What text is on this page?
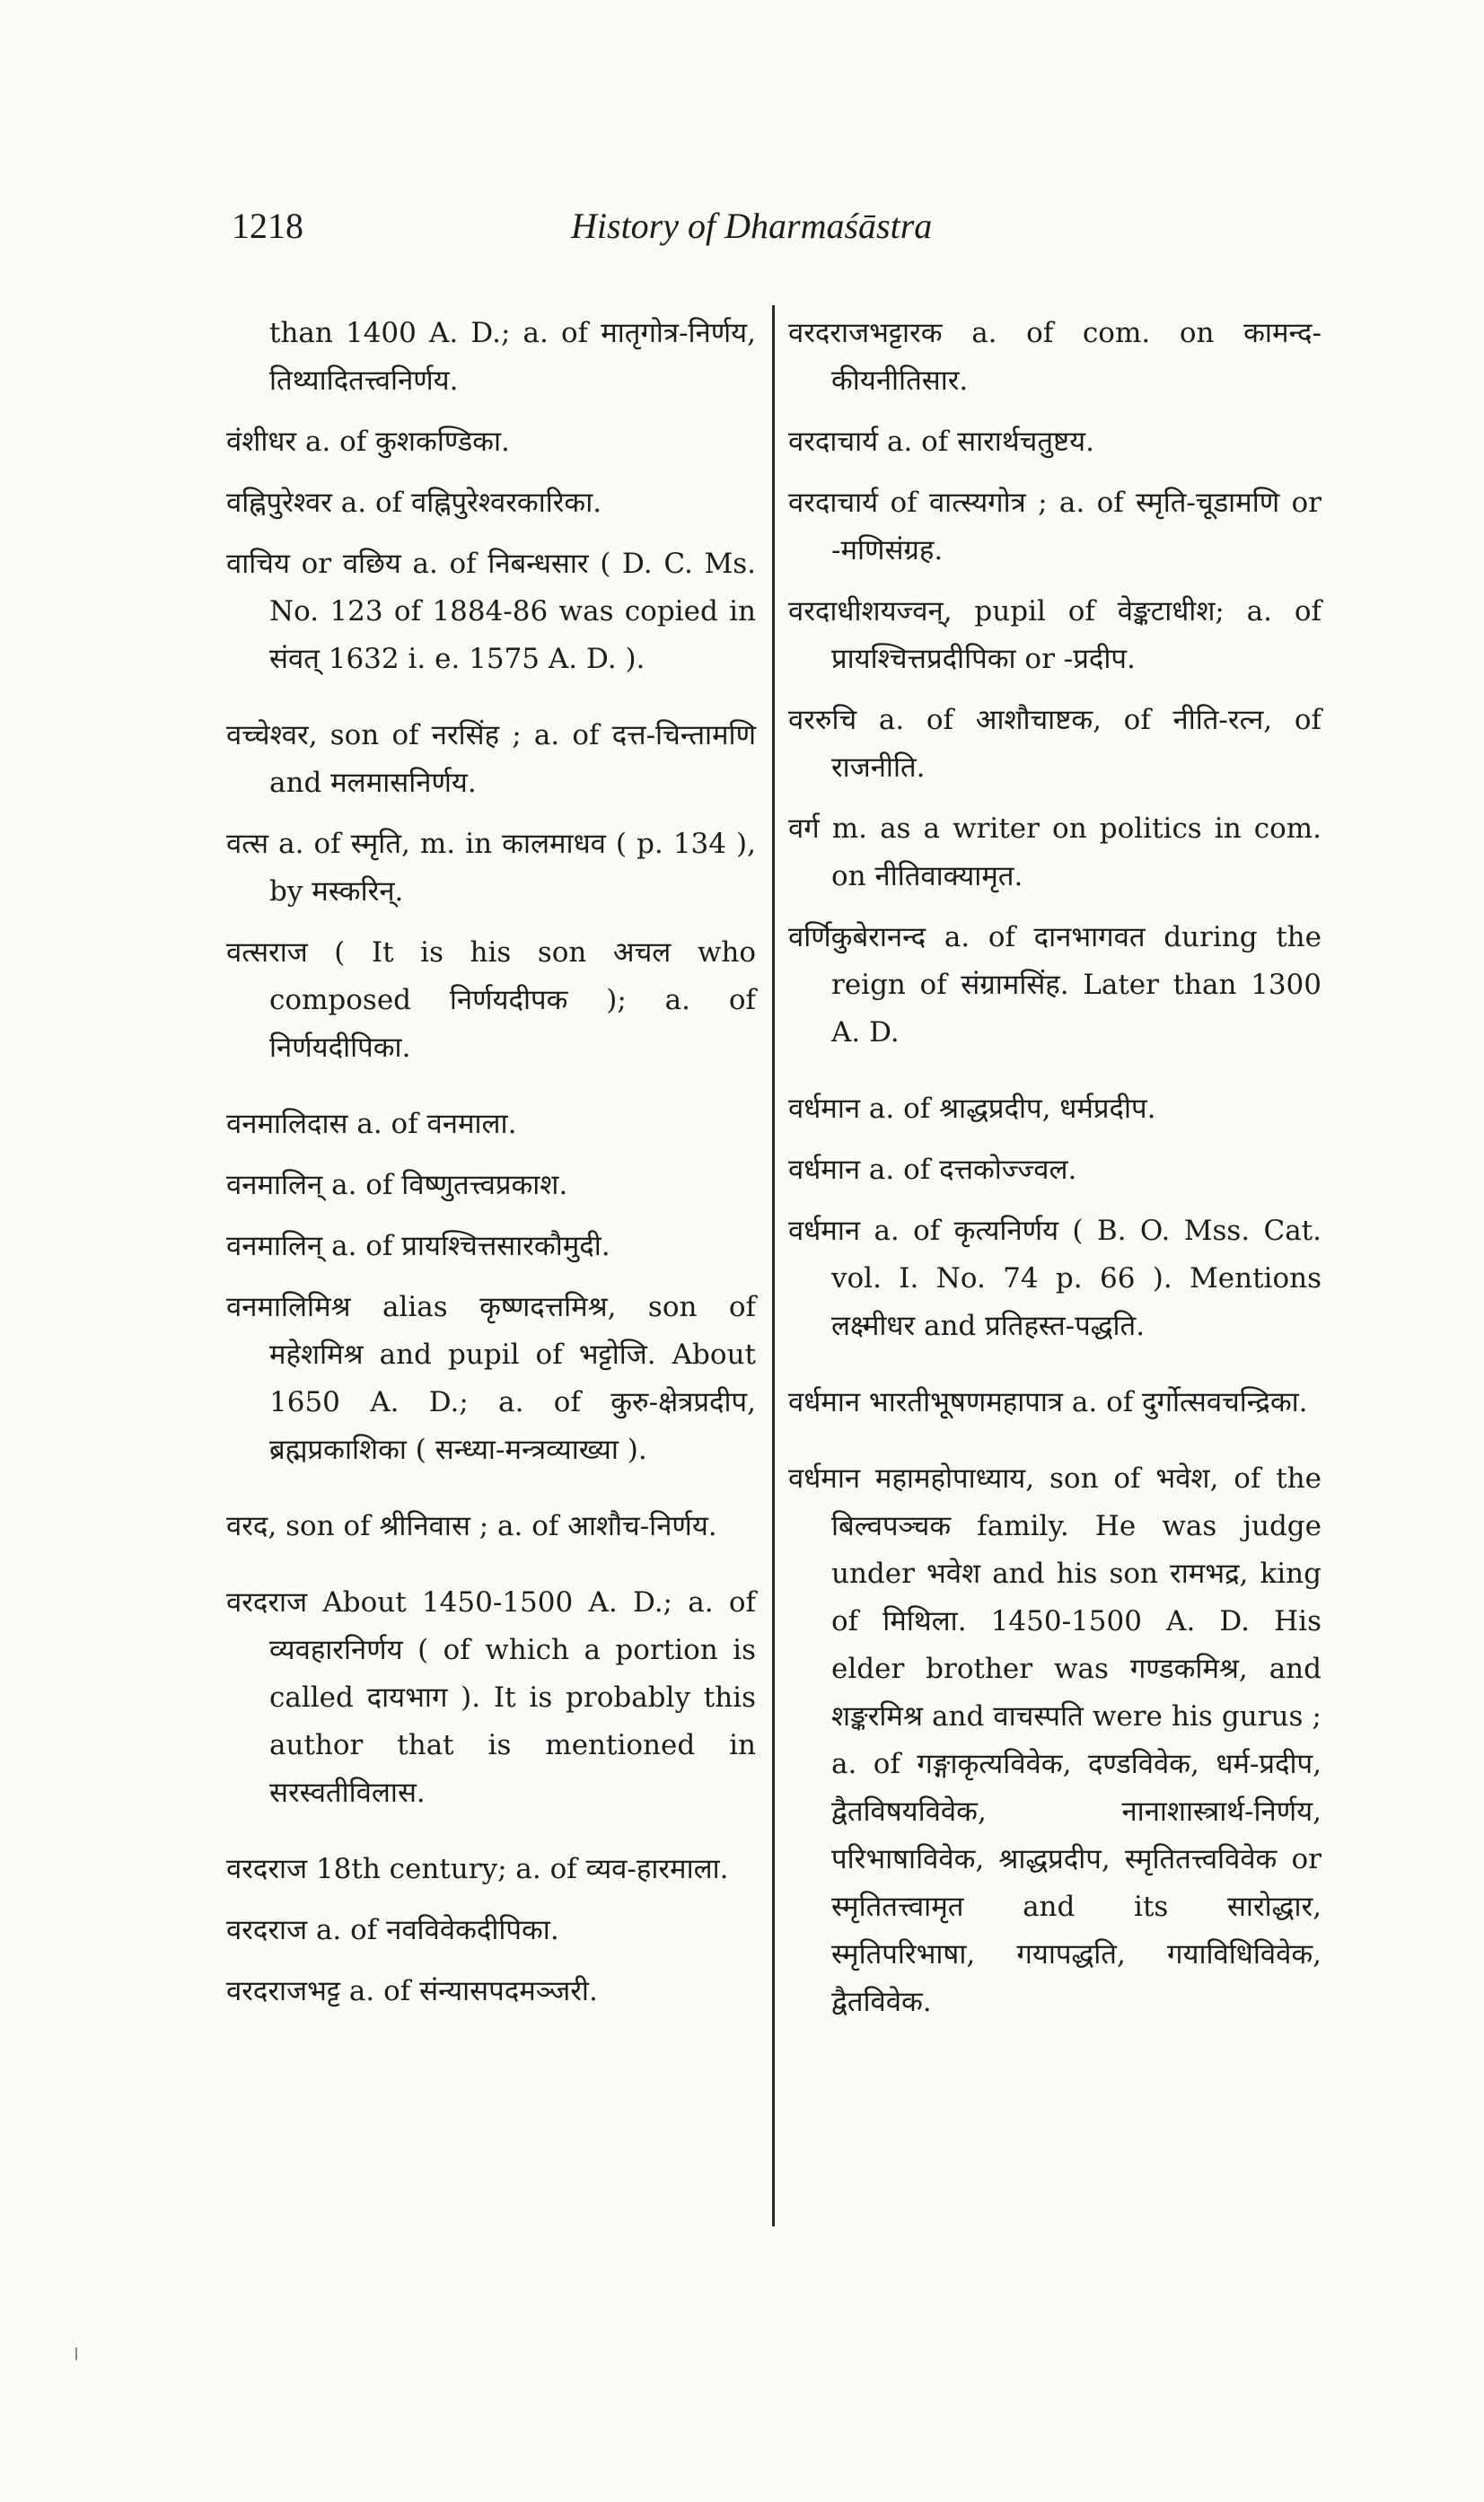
1218	History of Dharmaśāstra

than 1400 A. D.; a. of मातृगोत्र-निर्णय, तिथ्यादितत्त्वनिर्णय.

वंशीधर a. of कुशकण्डिका.

वह्निपुरेश्वर a. of वह्निपुरेश्वरकारिका.

वाचिय or वछिय a. of निबन्धसार ( D. C. Ms. No. 123 of 1884-86 was copied in संवत् 1632 i. e. 1575 A. D. ).

वच्चेश्वर, son of नरसिंह ; a. of दत्त-चिन्तामणि and मलमासनिर्णय.

वत्स a. of स्मृति, m. in कालमाधव ( p. 134 ), by मस्करिन्.

वत्सराज ( It is his son अचल who composed निर्णयदीपक ); a. of निर्णयदीपिका.

वनमालिदास a. of वनमाला.

वनमालिन् a. of विष्णुतत्त्वप्रकाश.

वनमालिन् a. of प्रायश्चित्तसारकौमुदी.

वनमालिमिश्र alias कृष्णदत्तमिश्र, son of महेशमिश्र and pupil of भट्टोजि. About 1650 A. D.; a. of कुरु-क्षेत्रप्रदीप, ब्रह्मप्रकाशिका ( सन्ध्या-मन्त्रव्याख्या ).

वरद, son of श्रीनिवास ; a. of आशौच-निर्णय.

वरदराज About 1450-1500 A. D.; a. of व्यवहारनिर्णय ( of which a portion is called दायभाग ). It is probably this author that is mentioned in सरस्वतीविलास.

वरदराज 18th century; a. of व्यव-हारमाला.

वरदराज a. of नवविवेकदीपिका.

वरदराजभट्ट a. of संन्यासपदमञ्जरी.

वरदराजभट्टारक a. of com. on कामन्द-कीयनीतिसार.

वरदाचार्य a. of सारार्थचतुष्टय.

वरदाचार्य of वात्स्यगोत्र ; a. of स्मृति-चूडामणि or -मणिसंग्रह.

वरदाधीशयज्वन्, pupil of वेङ्कटाधीश; a. of प्रायश्चित्तप्रदीपिका or -प्रदीप.

वररुचि a. of आशौचाष्टक, of नीति-रत्न, of राजनीति.

वर्ग m. as a writer on politics in com. on नीतिवाक्यामृत.

वर्णिकुबेरानन्द a. of दानभागवत during the reign of संग्रामसिंह. Later than 1300 A. D.

वर्धमान a. of श्राद्धप्रदीप, धर्मप्रदीप.

वर्धमान a. of दत्तकोज्ज्वल.

वर्धमान a. of कृत्यनिर्णय ( B. O. Mss. Cat. vol. I. No. 74 p. 66 ). Mentions लक्ष्मीधर and प्रतिहस्त-पद्धति.

वर्धमान भारतीभूषणमहापात्र a. of दुर्गोत्सवचन्द्रिका.

वर्धमान महामहोपाध्याय, son of भवेश, of the बिल्वपञ्चक family. He was judge under भवेश and his son रामभद्र, king of मिथिला. 1450-1500 A. D. His elder brother was गण्डकमिश्र, and शङ्करमिश्र and वाचस्पति were his gurus ; a. of गङ्गाकृत्यविवेक, दण्डविवेक, धर्म-प्रदीप, द्वैतविषयविवेक, नानाशास्त्रार्थ-निर्णय, परिभाषाविवेक, श्राद्धप्रदीप, स्मृतितत्त्वविवेक or स्मृतितत्त्वामृत and its सारोद्धार, स्मृतिपरिभाषा, गयापद्धति, गयाविधिविवेक, द्वैतविवेक.
